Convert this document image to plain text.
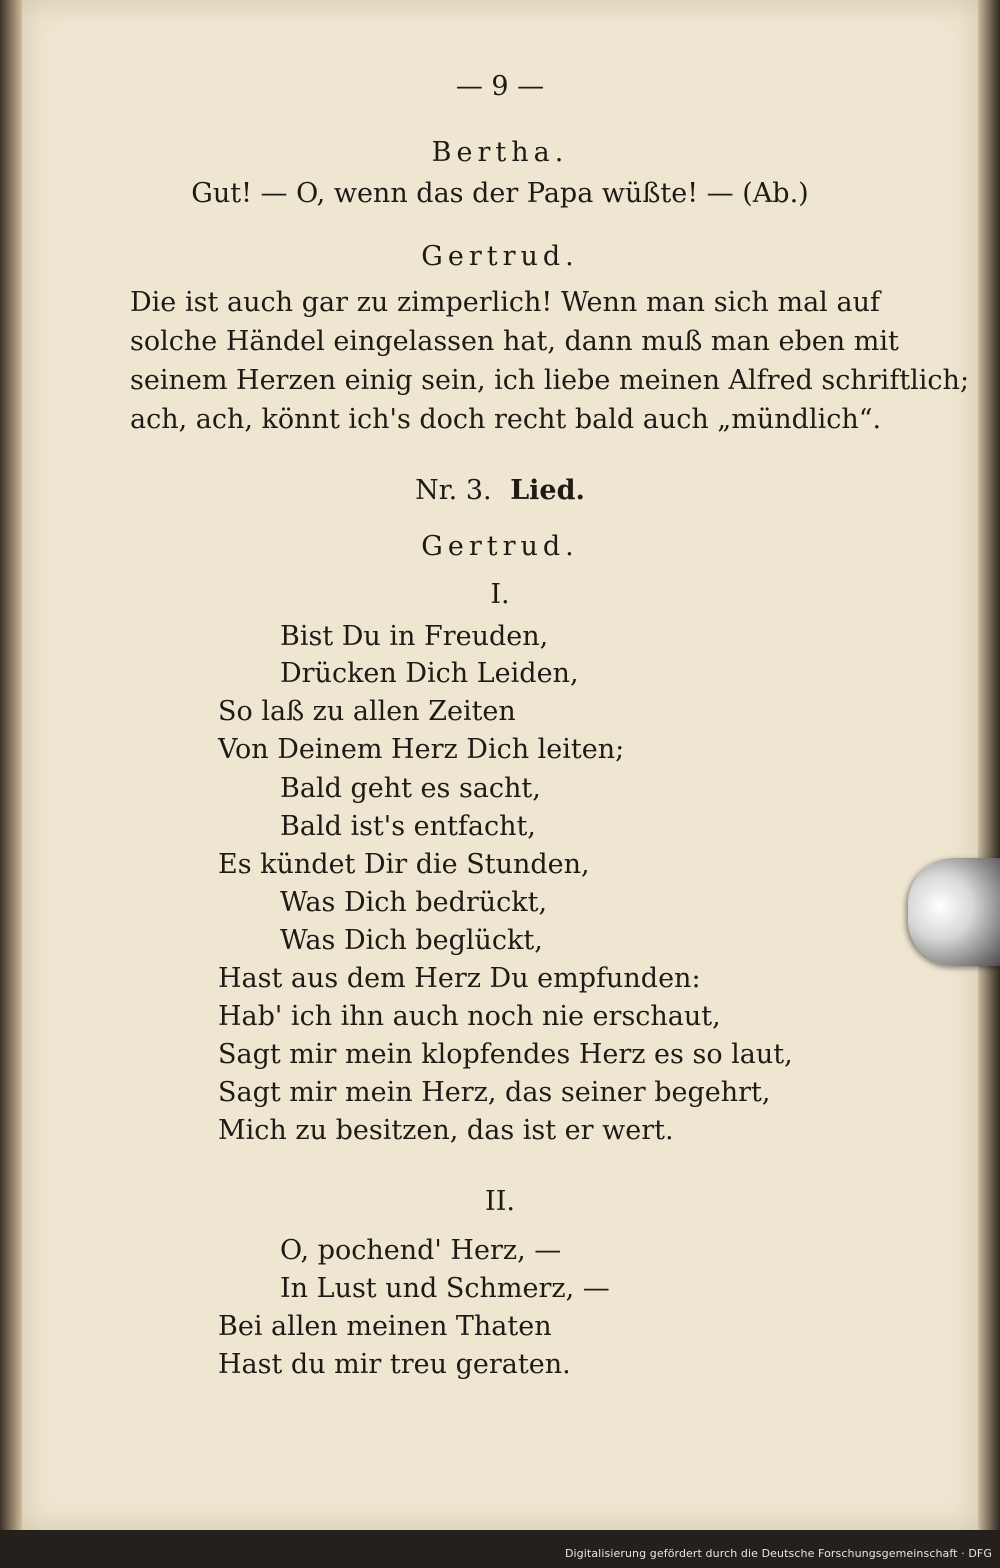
— 9 —
Bertha.
Gut! — O, wenn das der Papa wüßte! — (Ab.)
Gertrud.
Die ist auch gar zu zimperlich! Wenn man sich mal auf
solche Händel eingelassen hat, dann muß man eben mit
seinem Herzen einig sein, ich liebe meinen Alfred schriftlich;
ach, ach, könnt ich's doch recht bald auch „mündlich“.
Nr. 3. Lied.
Gertrud.
I.
Bist Du in Freuden,
Drücken Dich Leiden,
So laß zu allen Zeiten
Von Deinem Herz Dich leiten;
Bald geht es sacht,
Bald ist's entfacht,
Es kündet Dir die Stunden,
Was Dich bedrückt,
Was Dich beglückt,
Hast aus dem Herz Du empfunden:
Hab' ich ihn auch noch nie erschaut,
Sagt mir mein klopfendes Herz es so laut,
Sagt mir mein Herz, das seiner begehrt,
Mich zu besitzen, das ist er wert.
II.
O, pochend' Herz, —
In Lust und Schmerz, —
Bei allen meinen Thaten
Hast du mir treu geraten.
Digitalisierung gefördert durch die Deutsche Forschungsgemeinschaft · DFG
